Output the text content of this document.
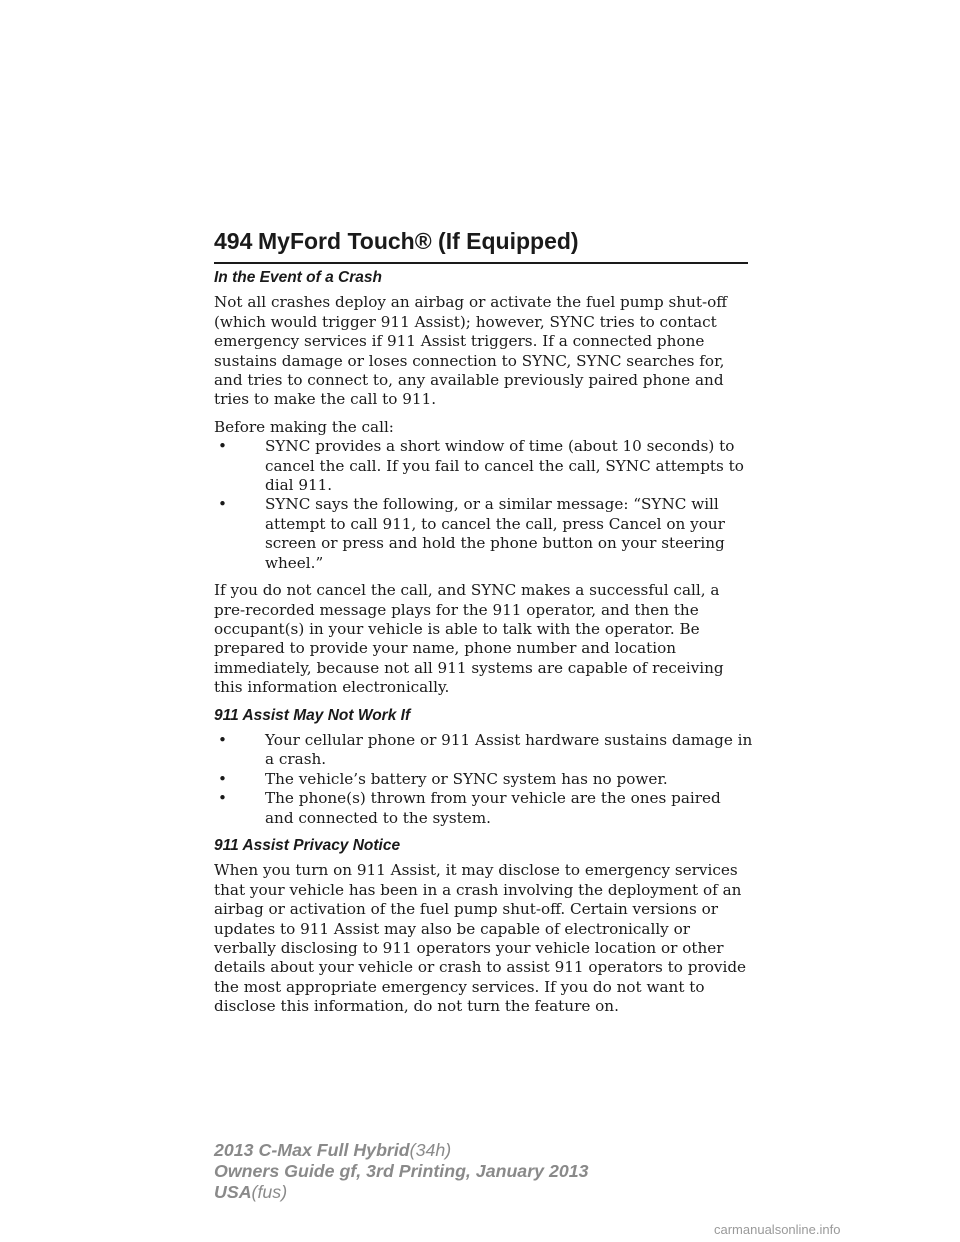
494 MyFord Touch® (If Equipped)
In the Event of a Crash

Not all crashes deploy an airbag or activate the fuel pump shut-off (which would trigger 911 Assist); however, SYNC tries to contact emergency services if 911 Assist triggers. If a connected phone sustains damage or loses connection to SYNC, SYNC searches for, and tries to connect to, any available previously paired phone and tries to make the call to 911.

Before making the call:

•	SYNC provides a short window of time (about 10 seconds) to cancel the call. If you fail to cancel the call, SYNC attempts to dial 911.
•	SYNC says the following, or a similar message: “SYNC will attempt to call 911, to cancel the call, press Cancel on your screen or press and hold the phone button on your steering wheel.”

If you do not cancel the call, and SYNC makes a successful call, a pre-recorded message plays for the 911 operator, and then the occupant(s) in your vehicle is able to talk with the operator. Be prepared to provide your name, phone number and location immediately, because not all 911 systems are capable of receiving this information electronically.

911 Assist May Not Work If
•	Your cellular phone or 911 Assist hardware sustains damage in a crash.
•	The vehicle’s battery or SYNC system has no power.
•	The phone(s) thrown from your vehicle are the ones paired and connected to the system.
911 Assist Privacy Notice

When you turn on 911 Assist, it may disclose to emergency services that your vehicle has been in a crash involving the deployment of an airbag or activation of the fuel pump shut-off. Certain versions or updates to 911 Assist may also be capable of electronically or verbally disclosing to 911 operators your vehicle location or other details about your vehicle or crash to assist 911 operators to provide the most appropriate emergency services. If you do not want to disclose this information, do not turn the feature on.

2013 C-Max Full Hybrid(34h)
Owners Guide gf, 3rd Printing, January 2013
USA(fus)
carmanualsonline.info
